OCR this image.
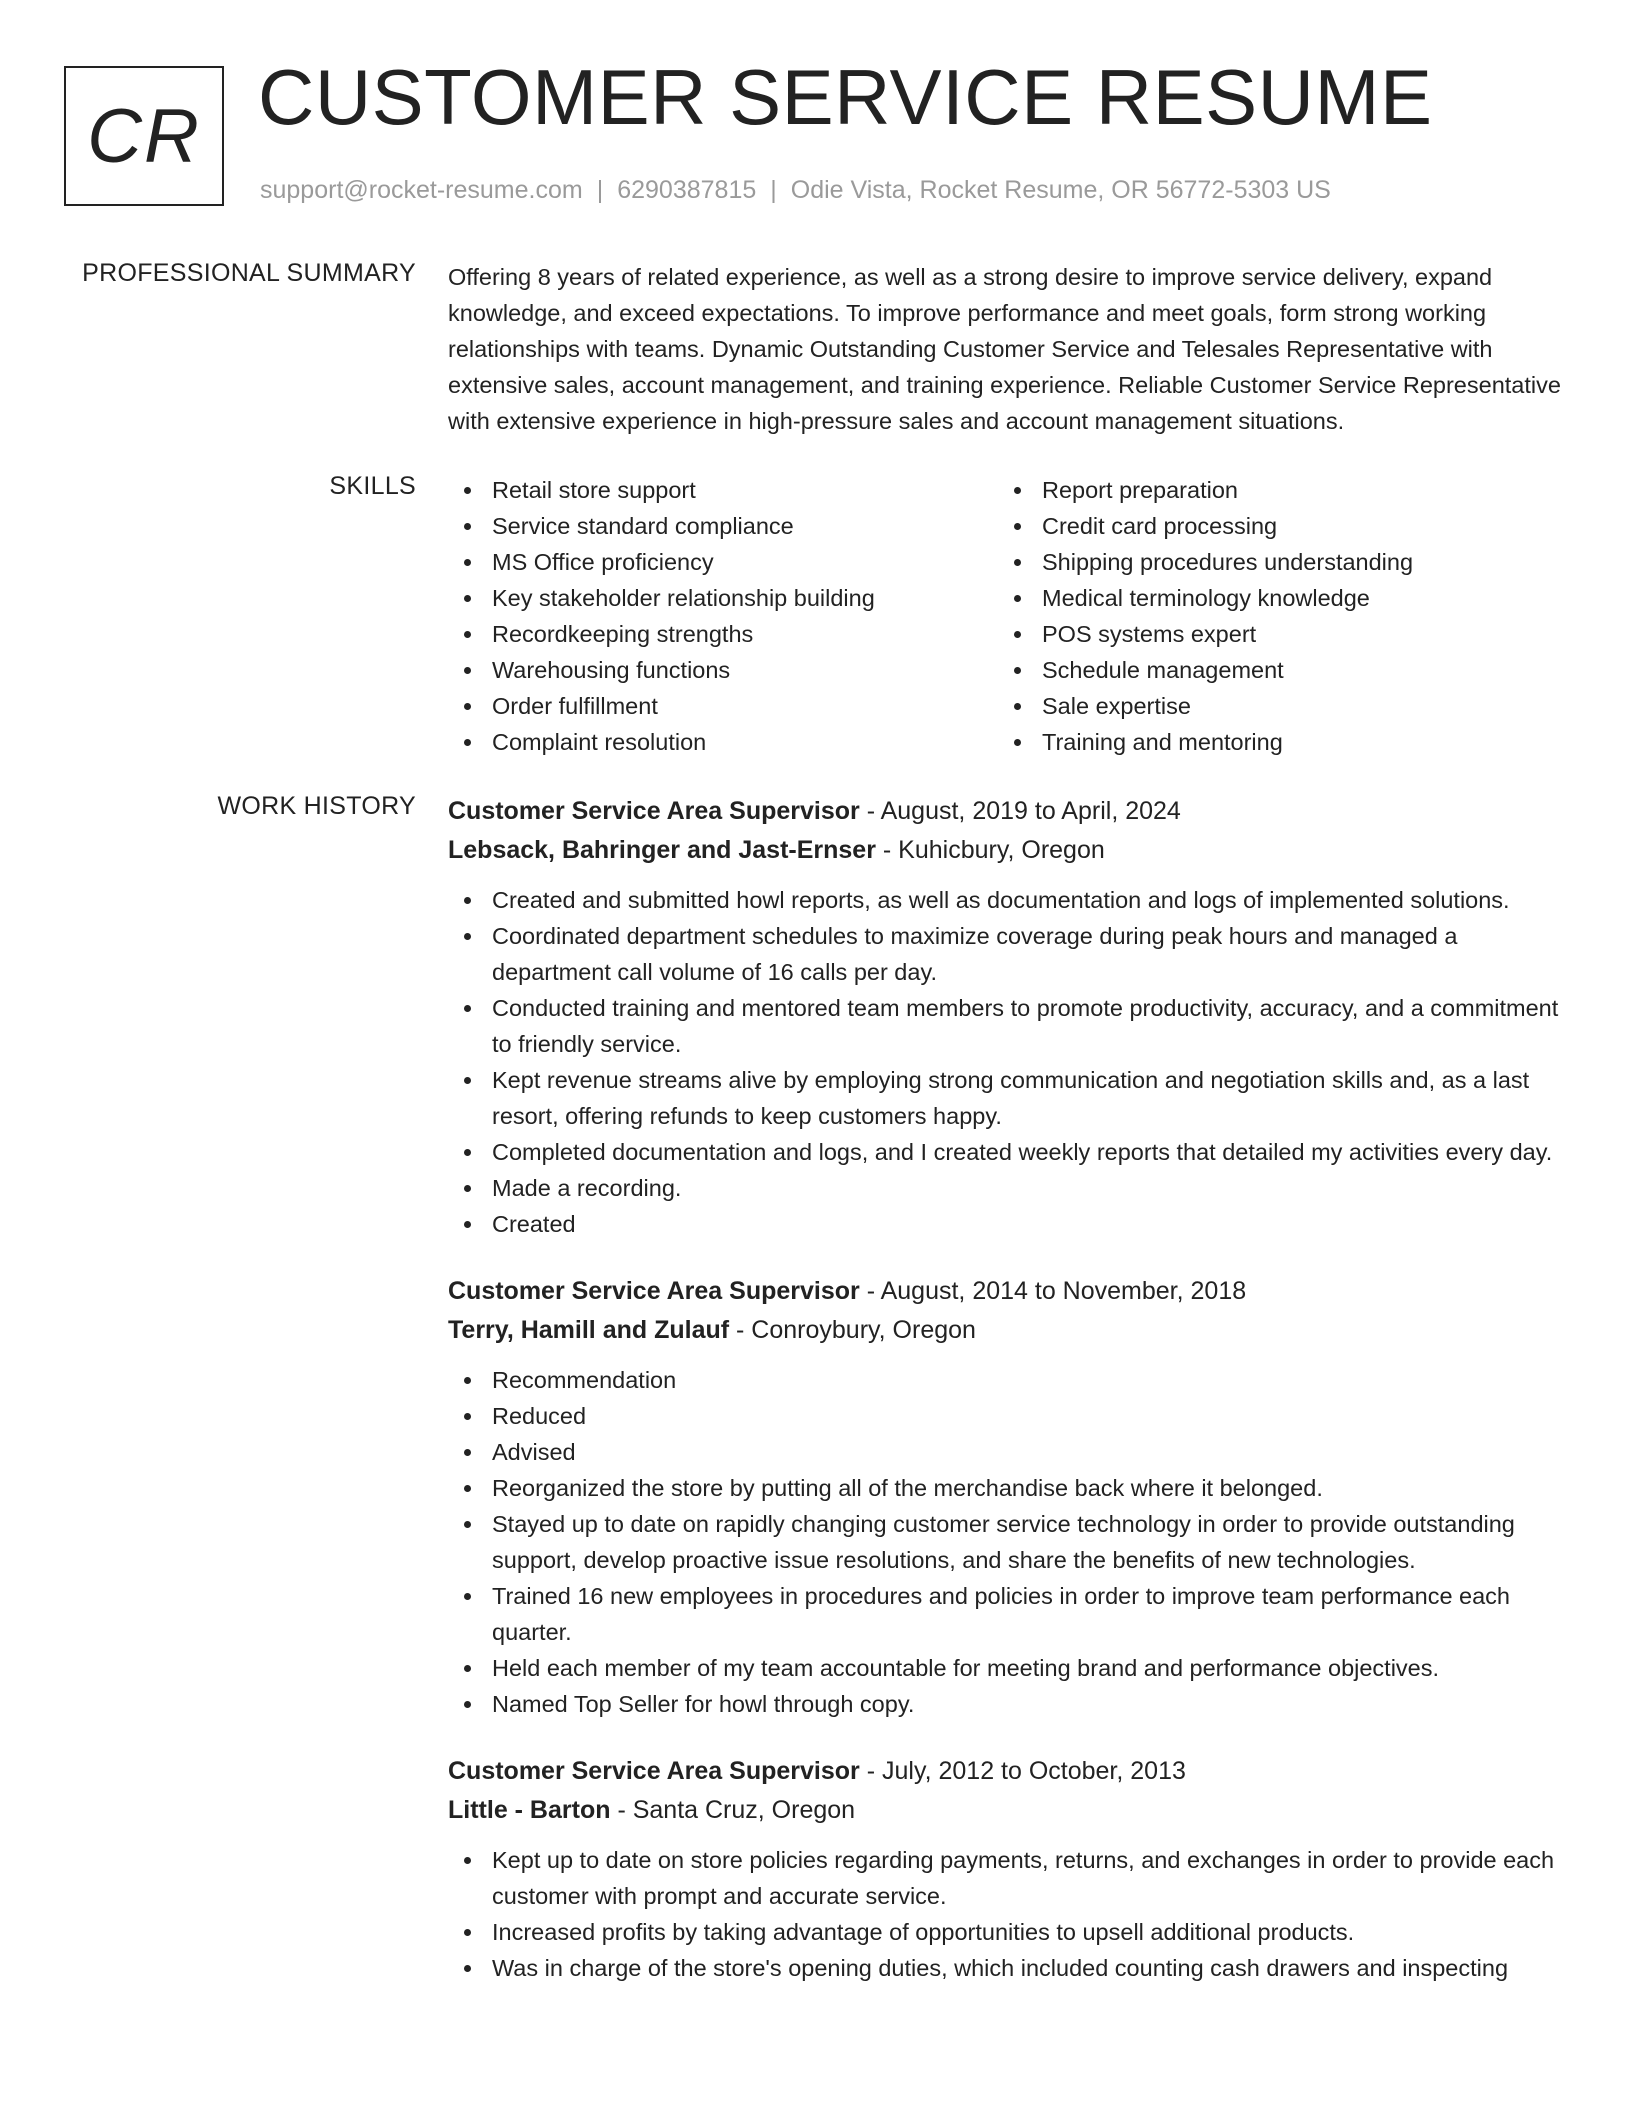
CR CUSTOMER SERVICE RESUME
support@rocket-resume.com | 6290387815 | Odie Vista, Rocket Resume, OR 56772-5303 US
PROFESSIONAL SUMMARY Offering 8 years of related experience, as well as a strong desire to improve service delivery, expand knowledge, and exceed expectations. To improve performance and meet goals, form strong working relationships with teams. Dynamic Outstanding Customer Service and Telesales Representative with extensive sales, account management, and training experience. Reliable Customer Service Representative with extensive experience in high-pressure sales and account management situations.

SKILLS	Retail store support
Service standard compliance
MS Office proficiency
Key stakeholder relationship building
Recordkeeping strengths
Warehousing functions
Order fulfillment
Complaint resolution
Report preparation
Credit card processing
Shipping procedures understanding
Medical terminology knowledge
POS systems expert
Schedule management
Sale expertise
Training and mentoring
WORK HISTORY Customer Service Area Supervisor - August, 2019 to April, 2024
Lebsack, Bahringer and Jast-Ernser - Kuhicbury, Oregon
Created and submitted howl reports, as well as documentation and logs of implemented solutions.
Coordinated department schedules to maximize coverage during peak hours and managed a department call volume of 16 calls per day.
Conducted training and mentored team members to promote productivity, accuracy, and a commitment to friendly service.
Kept revenue streams alive by employing strong communication and negotiation skills and, as a last resort, offering refunds to keep customers happy.
Completed documentation and logs, and I created weekly reports that detailed my activities every day.
Made a recording.
Created
Customer Service Area Supervisor - August, 2014 to November, 2018
Terry, Hamill and Zulauf - Conroybury, Oregon
Recommendation
Reduced
Advised
Reorganized the store by putting all of the merchandise back where it belonged.
Stayed up to date on rapidly changing customer service technology in order to provide outstanding support, develop proactive issue resolutions, and share the benefits of new technologies.
Trained 16 new employees in procedures and policies in order to improve team performance each quarter.
Held each member of my team accountable for meeting brand and performance objectives.
Named Top Seller for howl through copy.
Customer Service Area Supervisor - July, 2012 to October, 2013
Little - Barton - Santa Cruz, Oregon
Kept up to date on store policies regarding payments, returns, and exchanges in order to provide each customer with prompt and accurate service.
Increased profits by taking advantage of opportunities to upsell additional products.
Was in charge of the store's opening duties, which included counting cash drawers and inspecting
